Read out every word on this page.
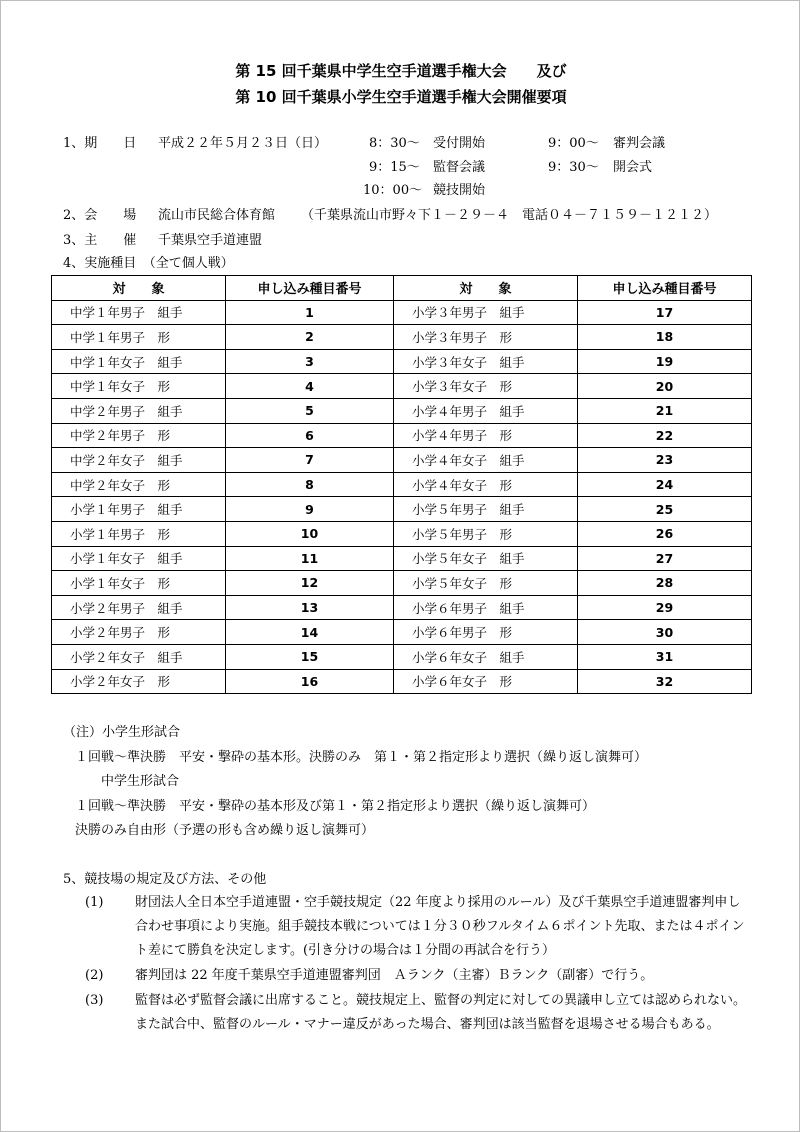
第 15 回千葉県中学生空手道選手権大会　　及び
第 10 回千葉県小学生空手道選手権大会開催要項
1、期　　日 平成２２年５月２３日（日）	8：30～ 受付開始	9：00～ 審判会議
9：15～ 監督会議	9：30～ 開会式
10：00～ 競技開始
2、会　　場 流山市民総合体育館 （千葉県流山市野々下１－２９－４　電話０４－７１５９－１２１２）
3、主　　催 千葉県空手道連盟
4、実施種目　（全て個人戦）
対　　象	申し込み種目番号	対　　象	申し込み種目番号
中学１年男子　組手	1	小学３年男子　組手	17
中学１年男子　形	2	小学３年男子　形	18
中学１年女子　組手	3	小学３年女子　組手	19
中学１年女子　形	4	小学３年女子　形	20
中学２年男子　組手	5	小学４年男子　組手	21
中学２年男子　形	6	小学４年男子　形	22
中学２年女子　組手	7	小学４年女子　組手	23
中学２年女子　形	8	小学４年女子　形	24
小学１年男子　組手	9	小学５年男子　組手	25
小学１年男子　形	10	小学５年男子　形	26
小学１年女子　組手	11	小学５年女子　組手	27
小学１年女子　形	12	小学５年女子　形	28
小学２年男子　組手	13	小学６年男子　組手	29
小学２年男子　形	14	小学６年男子　形	30
小学２年女子　組手	15	小学６年女子　組手	31
小学２年女子　形	16	小学６年女子　形	32
（注）小学生形試合
１回戦～準決勝　平安・撃砕の基本形。決勝のみ　第１・第２指定形より選択（繰り返し演舞可）
中学生形試合
１回戦～準決勝　平安・撃砕の基本形及び第１・第２指定形より選択（繰り返し演舞可）
決勝のみ自由形（予選の形も含め繰り返し演舞可）
5、競技場の規定及び方法、その他
(1) 財団法人全日本空手道連盟・空手競技規定（22 年度より採用のルール）及び千葉県空手道連盟審判申し合わせ事項により実施。組手競技本戦については１分３０秒フルタイム６ポイント先取、または４ポイント差にて勝負を決定します。(引き分けの場合は１分間の再試合を行う）
(2) 審判団は 22 年度千葉県空手道連盟審判団　Ａランク（主審）Ｂランク（副審）で行う。
(3) 監督は必ず監督会議に出席すること。競技規定上、監督の判定に対しての異議申し立ては認められない。また試合中、監督のルール・マナー違反があった場合、審判団は該当監督を退場させる場合もある。
